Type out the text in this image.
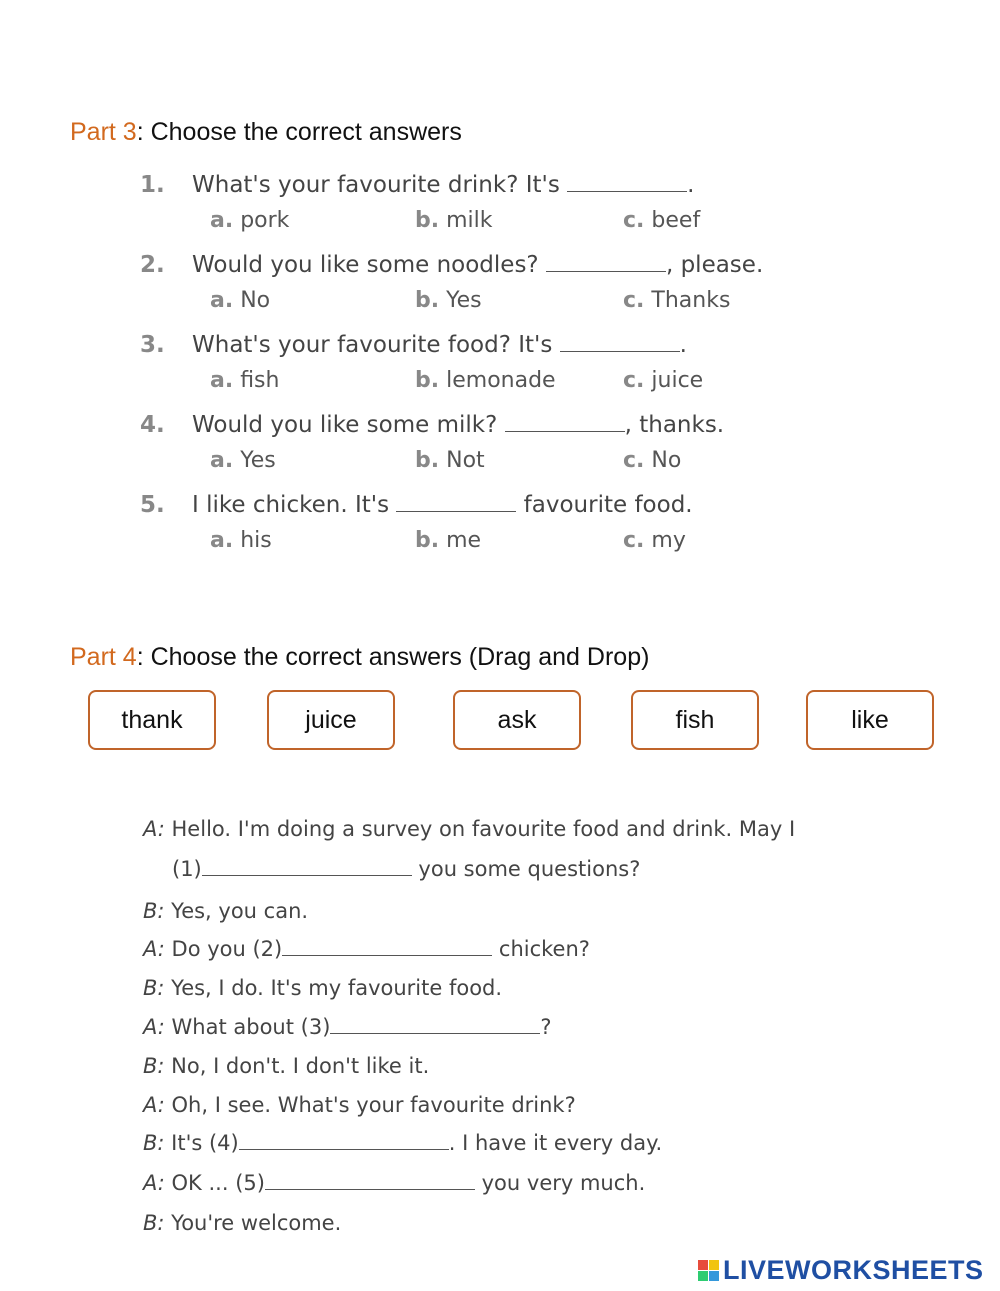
Part 3: Choose the correct answers
1. What's your favourite drink? It's	.
a. pork	b. milk	c. beef
2. Would you like some noodles?	, please.
a. No	b. Yes	c. Thanks
3. What's your favourite food? It's	.
a. fish	b. lemonade	c. juice
4. Would you like some milk?	, thanks.
a. Yes	b. Not	c. No
5. I like chicken. It's	favourite food.
a. his	b. me	c. my
Part 4: Choose the correct answers (Drag and Drop)
thank	juice	ask	fish	like
A: Hello. I'm doing a survey on favourite food and drink. May I
(1)	you some questions?
B: Yes, you can.
A: Do you (2)	chicken?
B: Yes, I do. It's my favourite food.
A: What about (3)	?
B: No, I don't. I don't like it.
A: Oh, I see. What's your favourite drink?
B: It's (4)	. I have it every day.
A: OK ... (5)	you very much.
B: You're welcome.
LIVEWORKSHEETS
